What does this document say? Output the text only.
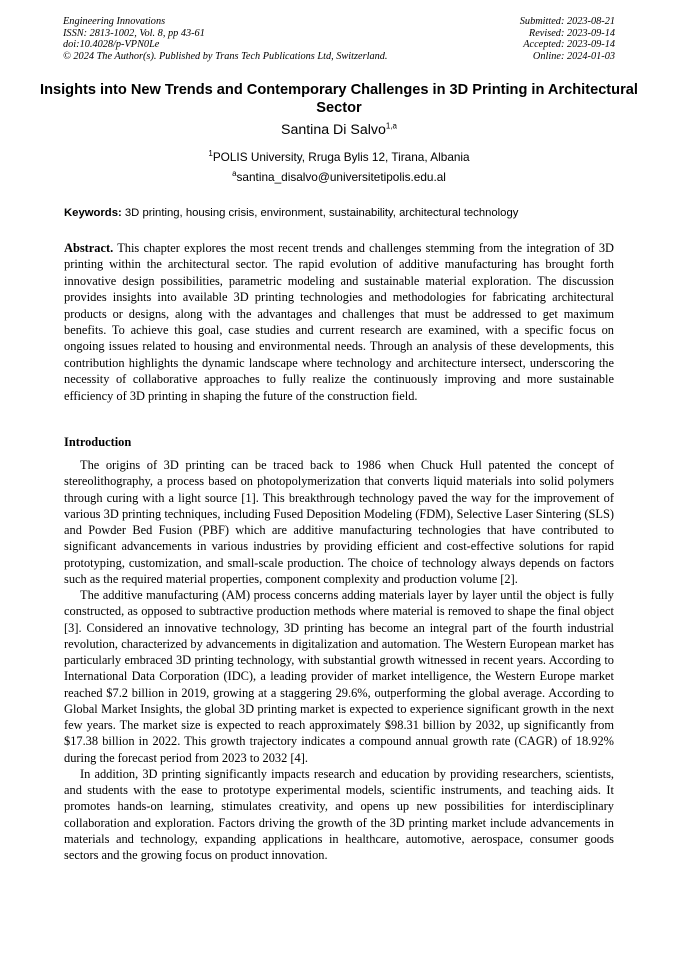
Engineering Innovations
ISSN: 2813-1002, Vol. 8, pp 43-61
doi:10.4028/p-VPN0Le
© 2024 The Author(s). Published by Trans Tech Publications Ltd, Switzerland.
Submitted: 2023-08-21
Revised: 2023-09-14
Accepted: 2023-09-14
Online: 2024-01-03
Insights into New Trends and Contemporary Challenges in 3D Printing in Architectural Sector
Santina Di Salvo$^{1,a}$
$^1$POLIS University, Rruga Bylis 12, Tirana, Albania
$^a$santina_disalvo@universitetipolis.edu.al
Keywords: 3D printing, housing crisis, environment, sustainability, architectural technology
Abstract. This chapter explores the most recent trends and challenges stemming from the integration of 3D printing within the architectural sector. The rapid evolution of additive manufacturing has brought forth innovative design possibilities, parametric modeling and sustainable material exploration. The discussion provides insights into available 3D printing technologies and methodologies for fabricating architectural products or designs, along with the advantages and challenges that must be addressed to get maximum benefits. To achieve this goal, case studies and current research are examined, with a specific focus on ongoing issues related to housing and environmental needs. Through an analysis of these developments, this contribution highlights the dynamic landscape where technology and architecture intersect, underscoring the necessity of collaborative approaches to fully realize the continuously improving and more sustainable efficiency of 3D printing in shaping the future of the construction field.
Introduction

The origins of 3D printing can be traced back to 1986 when Chuck Hull patented the concept of stereolithography, a process based on photopolymerization that converts liquid materials into solid polymers through curing with a light source [1]. This breakthrough technology paved the way for the improvement of various 3D printing techniques, including Fused Deposition Modeling (FDM), Selective Laser Sintering (SLS) and Powder Bed Fusion (PBF) which are additive manufacturing technologies that have contributed to significant advancements in various industries by providing efficient and cost-effective solutions for rapid prototyping, customization, and small-scale production. The choice of technology always depends on factors such as the required material properties, component complexity and production volume [2].

The additive manufacturing (AM) process concerns adding materials layer by layer until the object is fully constructed, as opposed to subtractive production methods where material is removed to shape the final object [3]. Considered an innovative technology, 3D printing has become an integral part of the fourth industrial revolution, characterized by advancements in digitalization and automation. The Western European market has particularly embraced 3D printing technology, with substantial growth witnessed in recent years. According to International Data Corporation (IDC), a leading provider of market intelligence, the Western Europe market reached $7.2 billion in 2019, growing at a staggering 29.6%, outperforming the global average. According to Global Market Insights, the global 3D printing market is expected to experience significant growth in the next few years. The market size is expected to reach approximately $98.31 billion by 2032, up significantly from $17.38 billion in 2022. This growth trajectory indicates a compound annual growth rate (CAGR) of 18.92% during the forecast period from 2023 to 2032 [4].

In addition, 3D printing significantly impacts research and education by providing researchers, scientists, and students with the ease to prototype experimental models, scientific instruments, and teaching aids. It promotes hands-on learning, stimulates creativity, and opens up new possibilities for interdisciplinary collaboration and exploration. Factors driving the growth of the 3D printing market include advancements in materials and technology, expanding applications in healthcare, automotive, aerospace, consumer goods sectors and the growing focus on product innovation.
